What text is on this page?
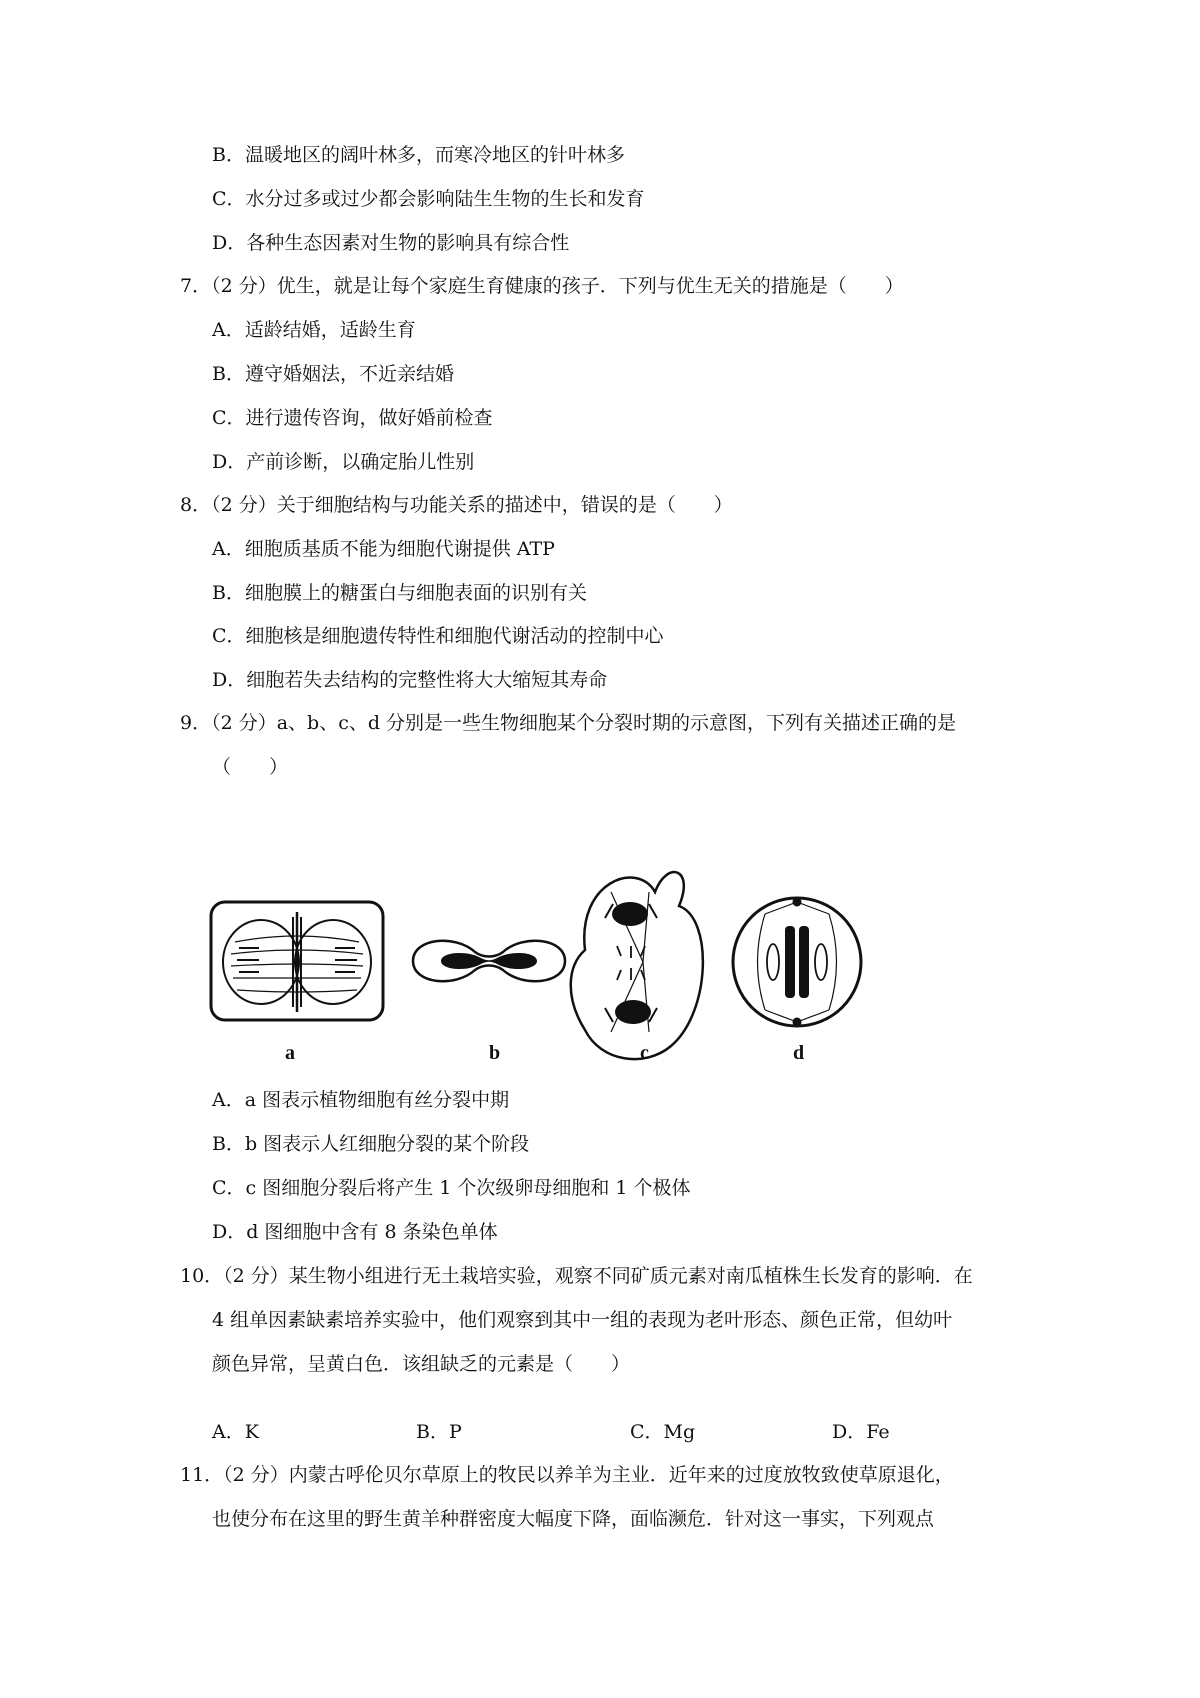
B．温暖地区的阔叶林多，而寒冷地区的针叶林多
C．水分过多或过少都会影响陆生生物的生长和发育
D．各种生态因素对生物的影响具有综合性
7．（2 分）优生，就是让每个家庭生育健康的孩子．下列与优生无关的措施是（　　）
A．适龄结婚，适龄生育
B．遵守婚姻法，不近亲结婚
C．进行遗传咨询，做好婚前检查
D．产前诊断，以确定胎儿性别
8．（2 分）关于细胞结构与功能关系的描述中，错误的是（　　）
A．细胞质基质不能为细胞代谢提供 ATP
B．细胞膜上的糖蛋白与细胞表面的识别有关
C．细胞核是细胞遗传特性和细胞代谢活动的控制中心
D．细胞若失去结构的完整性将大大缩短其寿命
9．（2 分）a、b、c、d 分别是一些生物细胞某个分裂时期的示意图，下列有关描述正确的是
（　　）
a	b	c	d
A．a 图表示植物细胞有丝分裂中期
B．b 图表示人红细胞分裂的某个阶段
C．c 图细胞分裂后将产生 1 个次级卵母细胞和 1 个极体
D．d 图细胞中含有 8 条染色单体
10．（2 分）某生物小组进行无土栽培实验，观察不同矿质元素对南瓜植株生长发育的影响．在
4 组单因素缺素培养实验中，他们观察到其中一组的表现为老叶形态、颜色正常，但幼叶
颜色异常，呈黄白色．该组缺乏的元素是（　　）
A．K	B．P	C．Mg	D．Fe
11．（2 分）内蒙古呼伦贝尔草原上的牧民以养羊为主业．近年来的过度放牧致使草原退化，
也使分布在这里的野生黄羊种群密度大幅度下降，面临濒危．针对这一事实，下列观点
